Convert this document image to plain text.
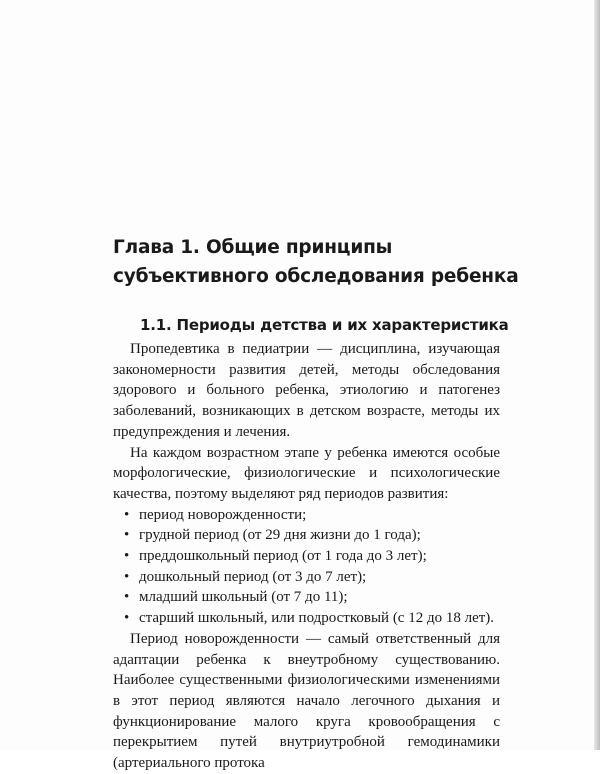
Глава 1. Общие принципы субъективного обследования ребенка
1.1. Периоды детства и их характеристика

Пропедевтика в педиатрии — дисциплина, изучающая закономерности развития детей, методы обследования здорового и больного ребенка, этиологию и патогенез заболеваний, возникающих в детском возрасте, методы их предупреждения и лечения.

На каждом возрастном этапе у ребенка имеются особые морфологические, физиологические и психологические качества, поэтому выделяют ряд периодов развития:

• период новорожденности;
• грудной период (от 29 дня жизни до 1 года);
• преддошкольный период (от 1 года до 3 лет);
• дошкольный период (от 3 до 7 лет);
• младший школьный (от 7 до 11);
• старший школьный, или подростковый (с 12 до 18 лет).

Период новорожденности — самый ответственный для адаптации ребенка к внеутробному существованию. Наиболее существенными физиологическими изменениями в этот период являются начало легочного дыхания и функционирование малого круга кровообращения с перекрытием путей внутриутробной гемодинамики (артериального протока
